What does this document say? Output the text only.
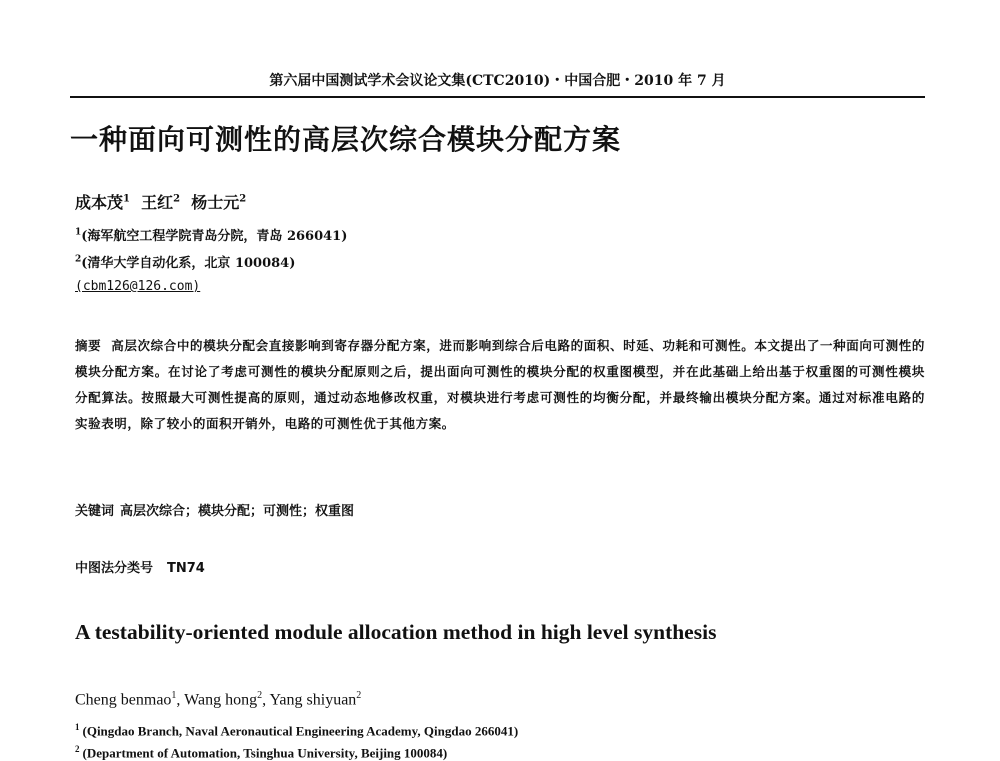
第六届中国测试学术会议论文集(CTC2010)・中国合肥・2010 年 7 月
一种面向可测性的高层次综合模块分配方案
成本茂$^1$ 王红$^2$ 杨士元$^2$
$^1$(海军航空工程学院青岛分院，青岛 266041)
$^2$(清华大学自动化系，北京 100084)
(cbm126@126.com)
摘要 高层次综合中的模块分配会直接影响到寄存器分配方案，进而影响到综合后电路的面积、时延、功耗和可测性。本文提出了一种面向可测性的模块分配方案。在讨论了考虑可测性的模块分配原则之后，提出面向可测性的模块分配的权重图模型，并在此基础上给出基于权重图的可测性模块分配算法。按照最大可测性提高的原则，通过动态地修改权重，对模块进行考虑可测性的均衡分配，并最终输出模块分配方案。通过对标准电路的实验表明，除了较小的面积开销外，电路的可测性优于其他方案。
关键词 高层次综合；模块分配；可测性；权重图
中图法分类号 TN74
A testability-oriented module allocation method in high level synthesis
Cheng benmao$^1$, Wang hong$^2$, Yang shiyuan$^2$
$^1$ (Qingdao Branch, Naval Aeronautical Engineering Academy, Qingdao 266041)
$^2$ (Department of Automation, Tsinghua University, Beijing 100084)
